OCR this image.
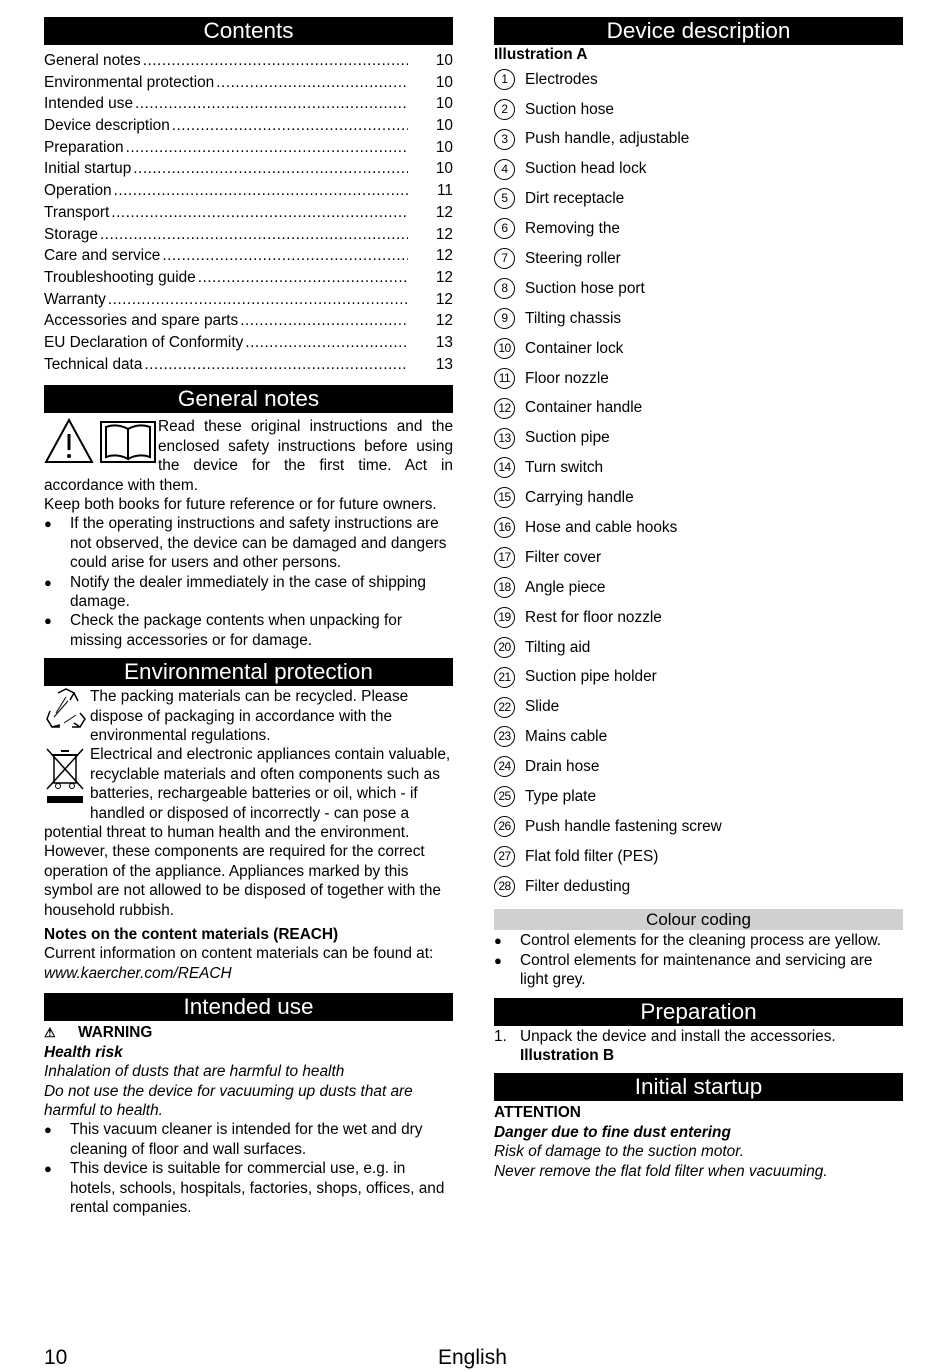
Contents
General notes .....	10
Environmental protection .....	10
Intended use .....	10
Device description .....	10
Preparation .....	10
Initial startup .....	10
Operation .....	11
Transport .....	12
Storage .....	12
Care and service .....	12
Troubleshooting guide .....	12
Warranty .....	12
Accessories and spare parts .....	12
EU Declaration of Conformity .....	13
Technical data .....	13
General notes

Read these original instructions and the enclosed safety instructions before using the device for the first time. Act in accordance with them.

Keep both books for future reference or for future owners.

●	If the operating instructions and safety instructions are not observed, the device can be damaged and dangers could arise for users and other persons.
●	Notify the dealer immediately in the case of shipping damage.
●	Check the package contents when unpacking for missing accessories or for damage.
Environmental protection

The packing materials can be recycled. Please dispose of packaging in accordance with the environmental regulations.

Electrical and electronic appliances contain valuable, recyclable materials and often components such as batteries, rechargeable batteries or oil, which - if handled or disposed of incorrectly - can pose a potential threat to human health and the environment. However, these components are required for the correct operation of the appliance. Appliances marked by this symbol are not allowed to be disposed of together with the household rubbish.

Notes on the content materials (REACH)

Current information on content materials can be found at: www.kaercher.com/REACH

Intended use

⚠ WARNING

Health risk

Inhalation of dusts that are harmful to health

Do not use the device for vacuuming up dusts that are harmful to health.

●	This vacuum cleaner is intended for the wet and dry cleaning of floor and wall surfaces.
●	This device is suitable for commercial use, e.g. in hotels, schools, hospitals, factories, shops, offices, and rental companies.
Device description

Illustration A

1	Electrodes
2	Suction hose
3	Push handle, adjustable
4	Suction head lock
5	Dirt receptacle
6	Removing the
7	Steering roller
8	Suction hose port
9	Tilting chassis
10 Container lock
11 Floor nozzle
12 Container handle
13 Suction pipe
14 Turn switch
15 Carrying handle
16 Hose and cable hooks
17 Filter cover
18 Angle piece
19 Rest for floor nozzle
20 Tilting aid
21 Suction pipe holder
22 Slide
23 Mains cable
24 Drain hose
25 Type plate
26 Push handle fastening screw
27 Flat fold filter (PES)
28 Filter dedusting
Colour coding
●	Control elements for the cleaning process are yellow.
●	Control elements for maintenance and servicing are light grey.
Preparation
1. Unpack the device and install the accessories.
Illustration B
Initial startup

ATTENTION

Danger due to fine dust entering

Risk of damage to the suction motor.

Never remove the flat fold filter when vacuuming.

10	English
